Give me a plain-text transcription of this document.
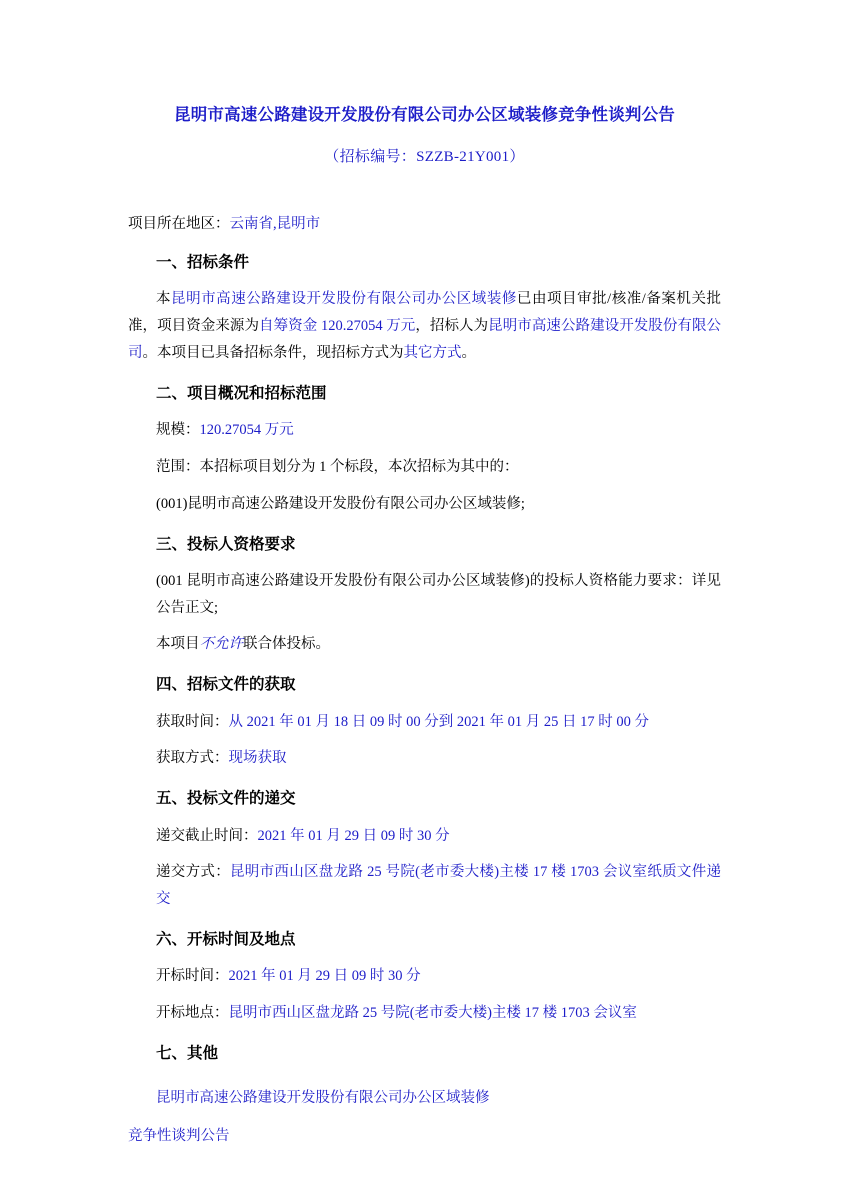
昆明市高速公路建设开发股份有限公司办公区域装修竞争性谈判公告
（招标编号：SZZB-21Y001）

项目所在地区：云南省,昆明市

一、招标条件

本昆明市高速公路建设开发股份有限公司办公区域装修已由项目审批/核准/备案机关批准，项目资金来源为自筹资金 120.27054 万元，招标人为昆明市高速公路建设开发股份有限公司。本项目已具备招标条件，现招标方式为其它方式。

二、项目概况和招标范围

规模：120.27054 万元

范围：本招标项目划分为 1 个标段，本次招标为其中的：

(001)昆明市高速公路建设开发股份有限公司办公区域装修;

三、投标人资格要求

(001 昆明市高速公路建设开发股份有限公司办公区域装修)的投标人资格能力要求：详见公告正文;

本项目不允许联合体投标。

四、招标文件的获取

获取时间：从 2021 年 01 月 18 日 09 时 00 分到 2021 年 01 月 25 日 17 时 00 分

获取方式：现场获取

五、投标文件的递交

递交截止时间：2021 年 01 月 29 日 09 时 30 分

递交方式：昆明市西山区盘龙路 25 号院(老市委大楼)主楼 17 楼 1703 会议室纸质文件递交

六、开标时间及地点

开标时间：2021 年 01 月 29 日 09 时 30 分

开标地点：昆明市西山区盘龙路 25 号院(老市委大楼)主楼 17 楼 1703 会议室

七、其他

昆明市高速公路建设开发股份有限公司办公区域装修

竞争性谈判公告
